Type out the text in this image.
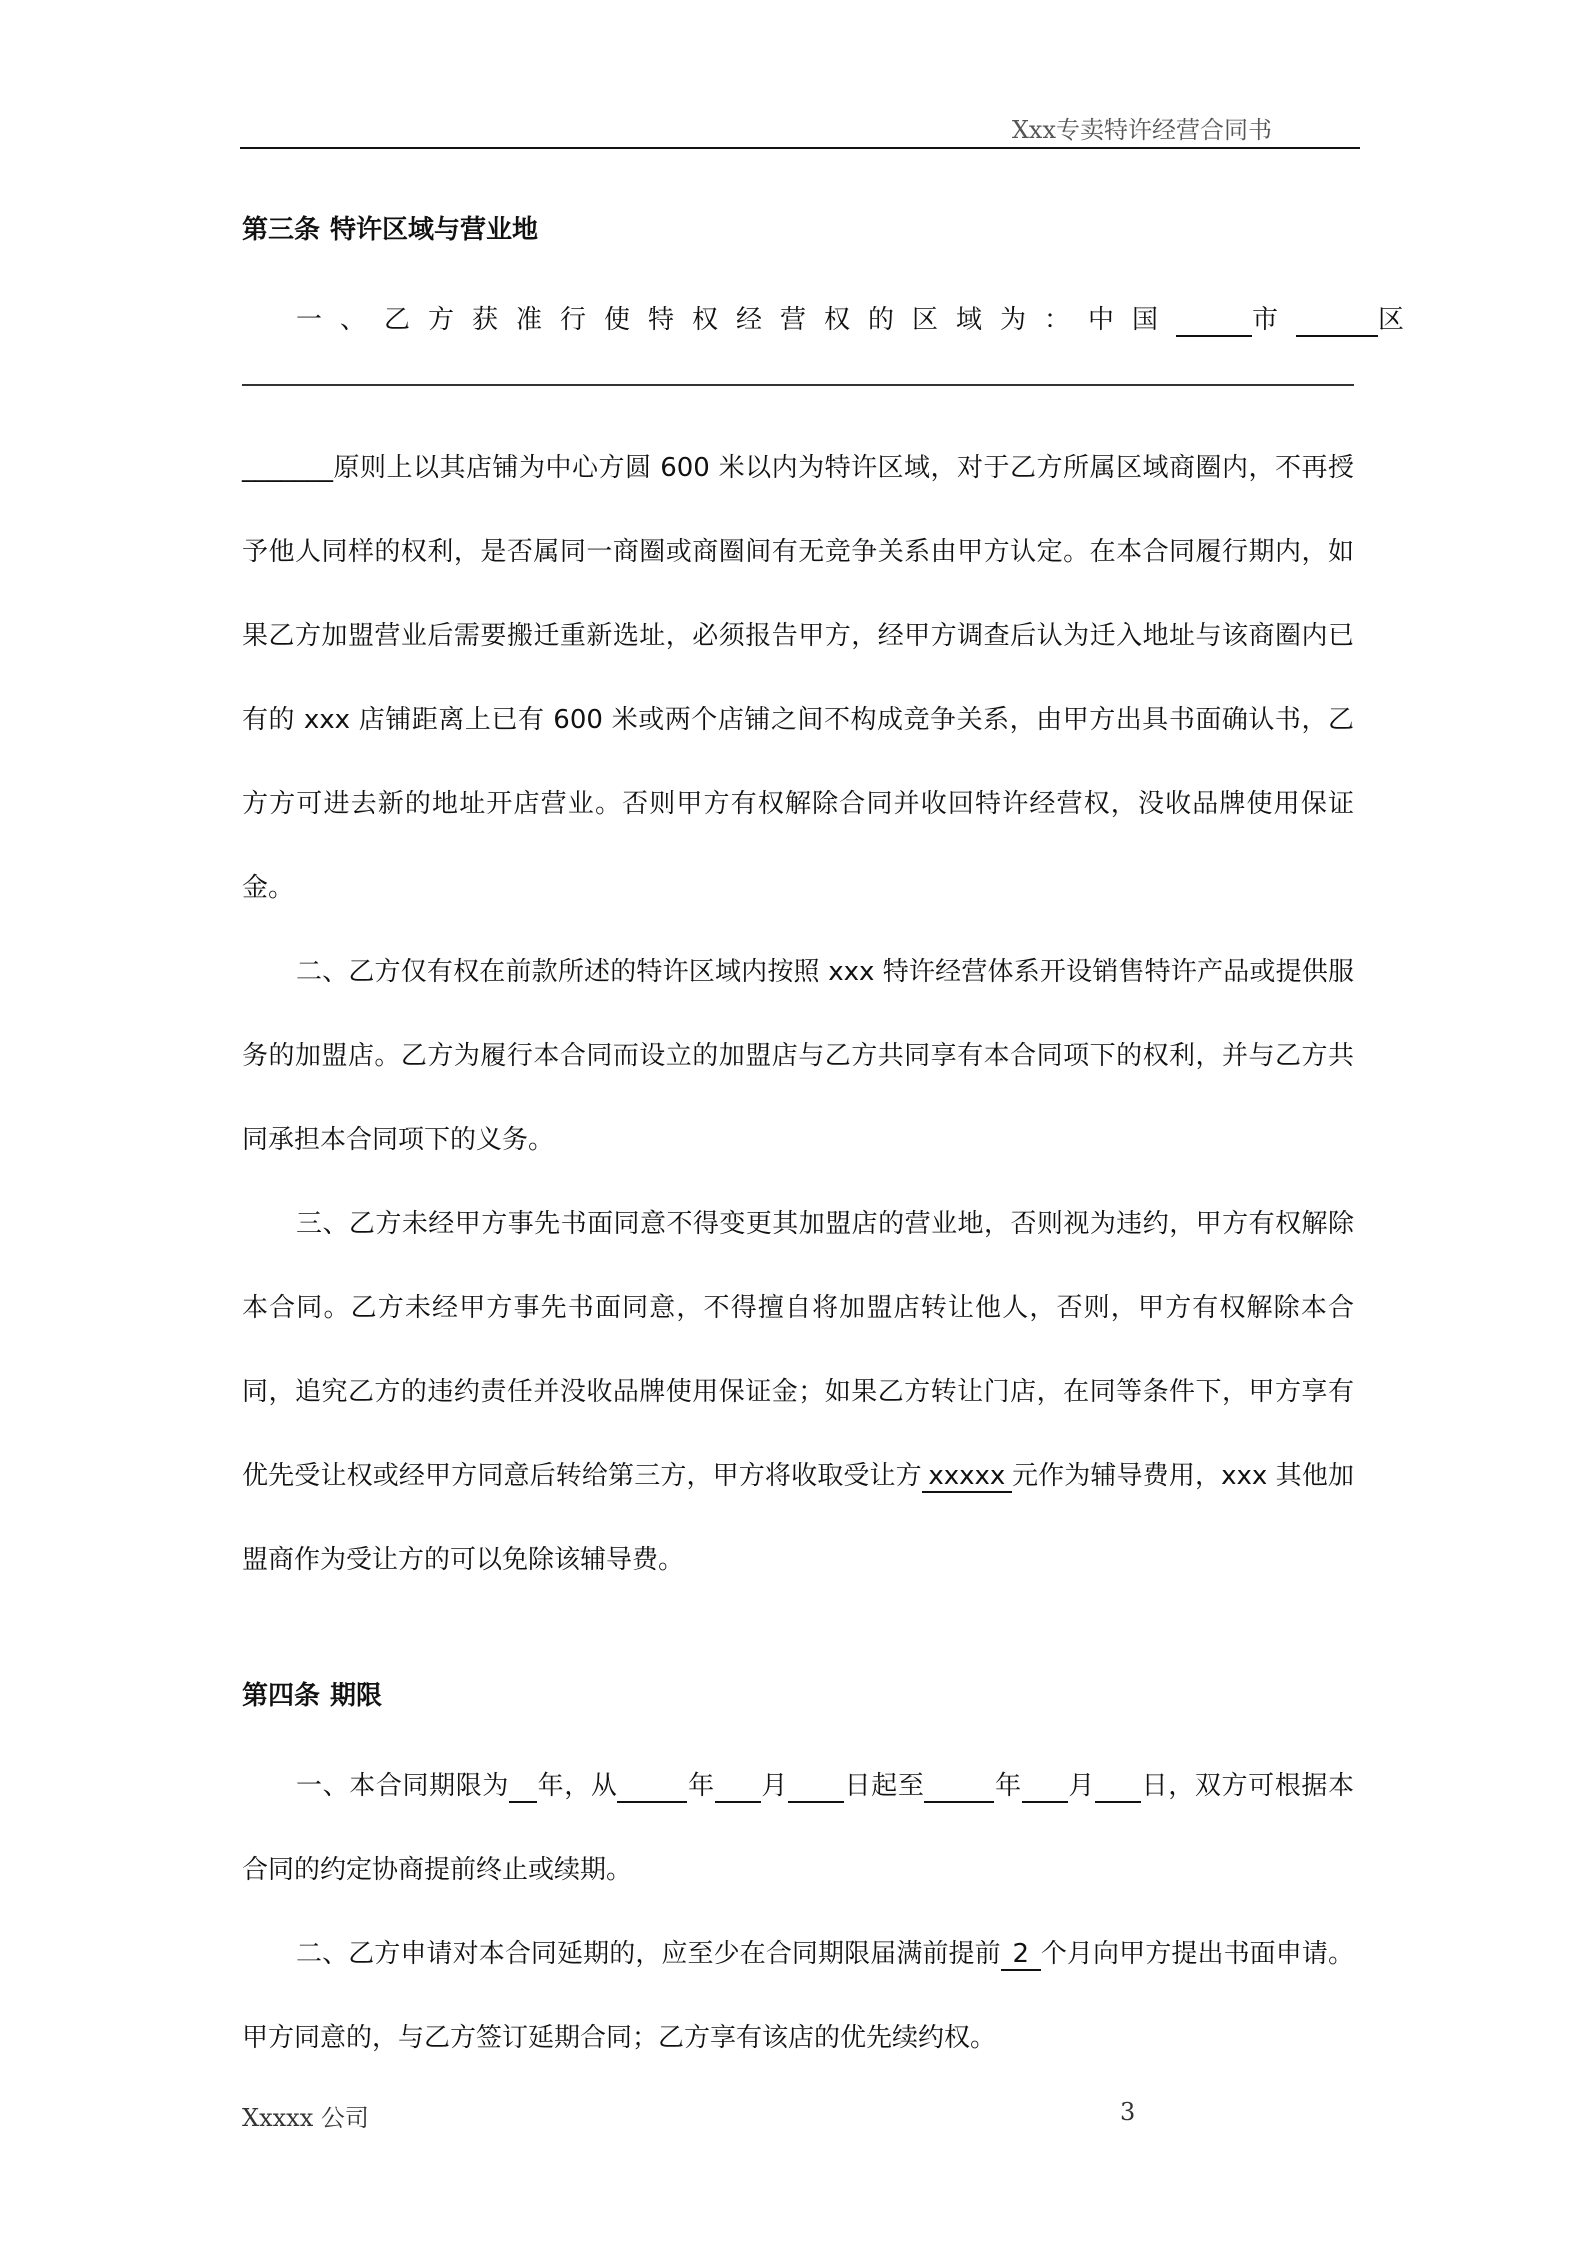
Xxx专卖特许经营合同书
第三条 特许区域与营业地
一、乙方获准行使特权经营权的区域为：中国	市	区

_______原则上以其店铺为中心方圆 600 米以内为特许区域，对于乙方所属区域商圈内，不再授予他人同样的权利，是否属同一商圈或商圈间有无竞争关系由甲方认定。在本合同履行期内，如果乙方加盟营业后需要搬迁重新选址，必须报告甲方，经甲方调查后认为迁入地址与该商圈内已有的 xxx 店铺距离上已有 600 米或两个店铺之间不构成竞争关系，由甲方出具书面确认书，乙方方可进去新的地址开店营业。否则甲方有权解除合同并收回特许经营权，没收品牌使用保证金。

二、乙方仅有权在前款所述的特许区域内按照 xxx 特许经营体系开设销售特许产品或提供服务的加盟店。乙方为履行本合同而设立的加盟店与乙方共同享有本合同项下的权利，并与乙方共同承担本合同项下的义务。

三、乙方未经甲方事先书面同意不得变更其加盟店的营业地，否则视为违约，甲方有权解除本合同。乙方未经甲方事先书面同意，不得擅自将加盟店转让他人，否则，甲方有权解除本合同，追究乙方的违约责任并没收品牌使用保证金；如果乙方转让门店，在同等条件下，甲方享有优先受让权或经甲方同意后转给第三方，甲方将收取受让方 xxxxx 元作为辅导费用，xxx 其他加盟商作为受让方的可以免除该辅导费。

第四条 期限

一、本合同期限为 年，从	年 月 日起至	年 月 日，双方可根据本合同的约定协商提前终止或续期。

二、乙方申请对本合同延期的，应至少在合同期限届满前提前 2 个月向甲方提出书面申请。甲方同意的，与乙方签订延期合同；乙方享有该店的优先续约权。

Xxxxx 公司	3
